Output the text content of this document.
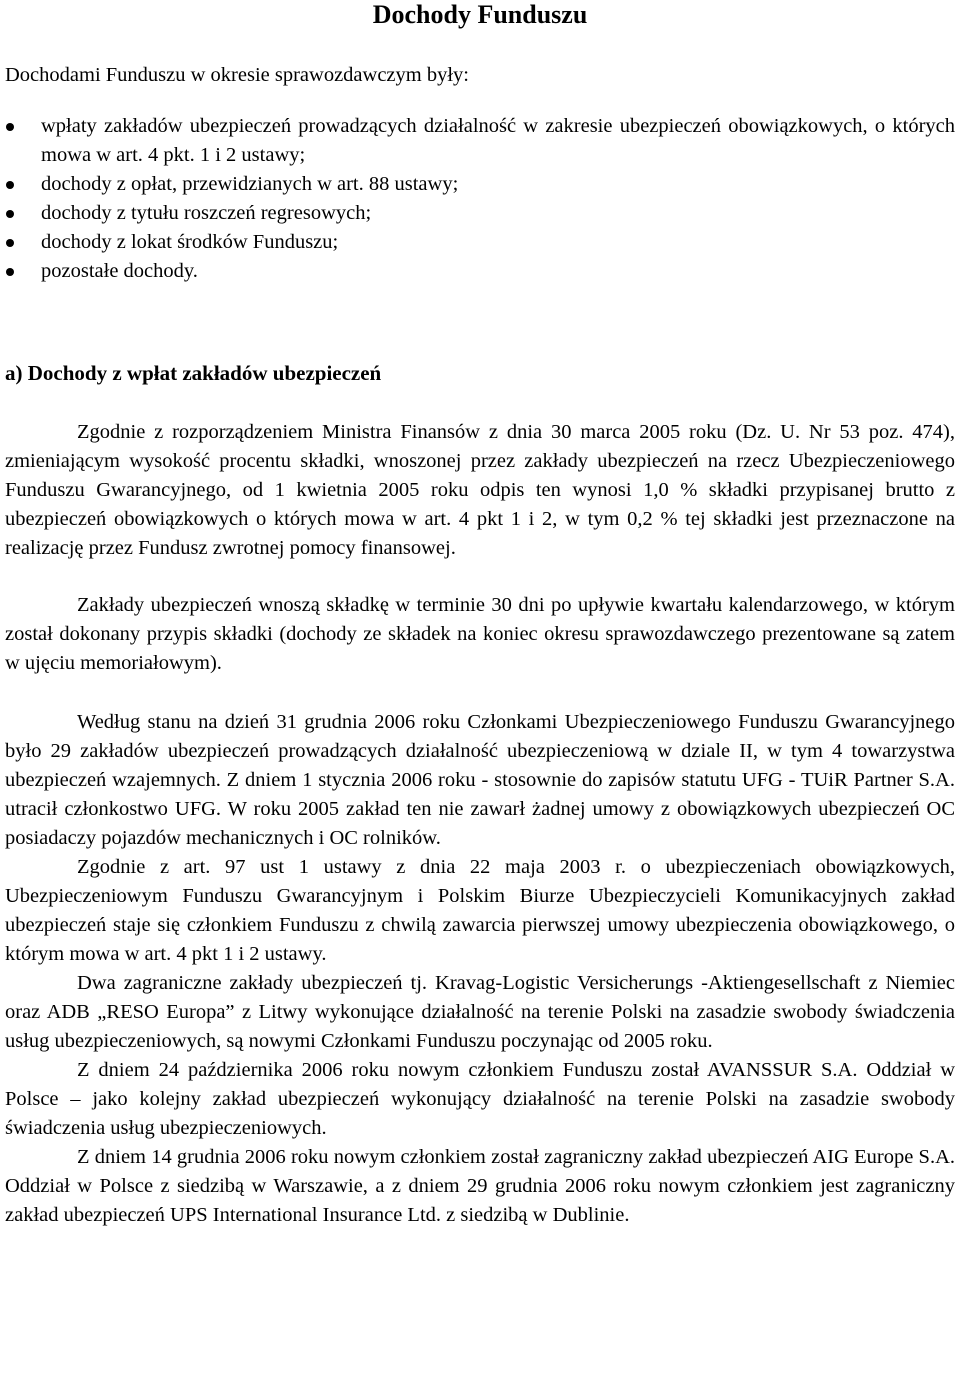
Dochody Funduszu

Dochodami Funduszu w okresie sprawozdawczym były:

wpłaty zakładów ubezpieczeń prowadzących działalność w zakresie ubezpieczeń obowiązkowych, o których mowa w art. 4 pkt. 1 i 2 ustawy;
dochody z opłat, przewidzianych w art. 88 ustawy;
dochody z tytułu roszczeń regresowych;
dochody z lokat środków Funduszu;
pozostałe dochody.
a) Dochody z wpłat zakładów ubezpieczeń

Zgodnie z rozporządzeniem Ministra Finansów z dnia 30 marca 2005 roku (Dz. U. Nr 53 poz. 474), zmieniającym wysokość procentu składki, wnoszonej przez zakłady ubezpieczeń na rzecz Ubezpieczeniowego Funduszu Gwarancyjnego, od 1 kwietnia 2005 roku odpis ten wynosi 1,0 % składki przypisanej brutto z ubezpieczeń obowiązkowych o których mowa w art. 4 pkt 1 i 2, w tym 0,2 % tej składki jest przeznaczone na realizację przez Fundusz zwrotnej pomocy finansowej.

Zakłady ubezpieczeń wnoszą składkę w terminie 30 dni po upływie kwartału kalendarzowego, w którym został dokonany przypis składki (dochody ze składek na koniec okresu sprawozdawczego prezentowane są zatem w ujęciu memoriałowym).

Według stanu na dzień 31 grudnia 2006 roku Członkami Ubezpieczeniowego Funduszu Gwarancyjnego było 29 zakładów ubezpieczeń prowadzących działalność ubezpieczeniową w dziale II, w tym 4 towarzystwa ubezpieczeń wzajemnych. Z dniem 1 stycznia 2006 roku - stosownie do zapisów statutu UFG - TUiR Partner S.A. utracił członkostwo UFG. W roku 2005 zakład ten nie zawarł żadnej umowy z obowiązkowych ubezpieczeń OC posiadaczy pojazdów mechanicznych i OC rolników.

Zgodnie z art. 97 ust 1 ustawy z dnia 22 maja 2003 r. o ubezpieczeniach obowiązkowych, Ubezpieczeniowym Funduszu Gwarancyjnym i Polskim Biurze Ubezpieczycieli Komunikacyjnych zakład ubezpieczeń staje się członkiem Funduszu z chwilą zawarcia pierwszej umowy ubezpieczenia obowiązkowego, o którym mowa w art. 4 pkt 1 i 2 ustawy.

Dwa zagraniczne zakłady ubezpieczeń tj. Kravag-Logistic Versicherungs -Aktiengesellschaft z Niemiec oraz ADB „RESO Europa” z Litwy wykonujące działalność na terenie Polski na zasadzie swobody świadczenia usług ubezpieczeniowych, są nowymi Członkami Funduszu poczynając od 2005 roku.

Z dniem 24 października 2006 roku nowym członkiem Funduszu został AVANSSUR S.A. Oddział w Polsce – jako kolejny zakład ubezpieczeń wykonujący działalność na terenie Polski na zasadzie swobody świadczenia usług ubezpieczeniowych.

Z dniem 14 grudnia 2006 roku nowym członkiem został zagraniczny zakład ubezpieczeń AIG Europe S.A. Oddział w Polsce z siedzibą w Warszawie, a z dniem 29 grudnia 2006 roku nowym członkiem jest zagraniczny zakład ubezpieczeń UPS International Insurance Ltd. z siedzibą w Dublinie.
